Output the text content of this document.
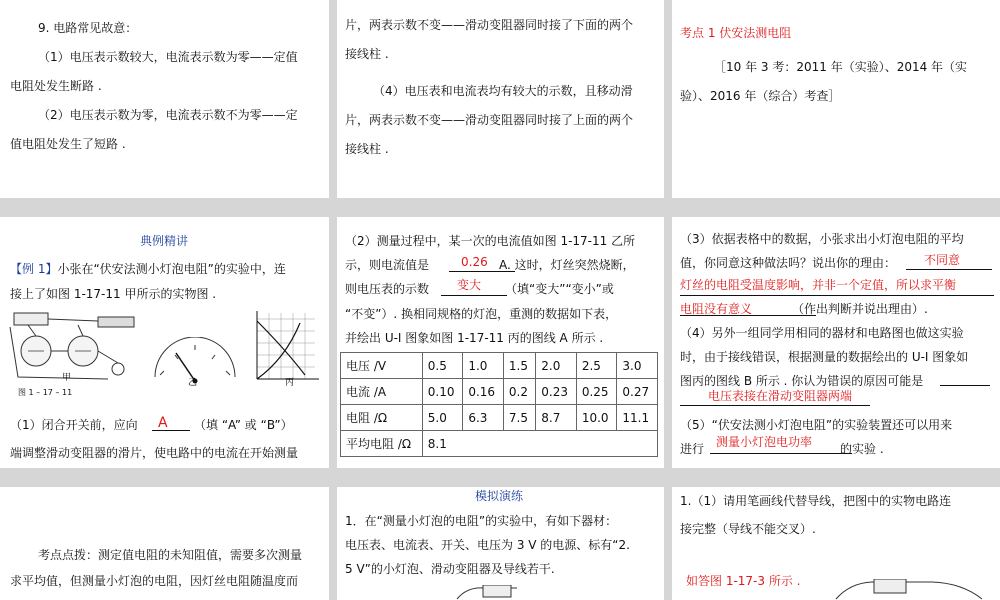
9. 电路常见故意：
（1）电压表示数较大，电流表示数为零——定值
电阻处发生断路 .
（2）电压表示数为零，电流表示数不为零——定
值电阻处发生了短路 .
片，两表示数不变——滑动变阻器同时接了下面的两个
接线柱 .
（4）电压表和电流表均有较大的示数，且移动滑
片，两表示数不变——滑动变阻器同时接了上面的两个
接线柱 .
考点 1 伏安法测电阻
［10 年 3 考：2011 年（实验）、2014 年（实
验）、2016 年（综合）考查］
典例精讲
【例 1】小张在“伏安法测小灯泡电阻”的实验中，连
接上了如图 1-17-11 甲所示的实物图 .
甲	乙	丙
图 1 – 17 – 11
（1）闭合开关前，应向 A （填 “A” 或 “B”）
端调整滑动变阻器的滑片，使电路中的电流在开始测量
（2）测量过程中，某一次的电流值如图 1-17-11 乙所
示，则电流值是	A. 这时，灯丝突然烧断，
0.26
则电压表的示数	（填“变大”“变小”或
变大
“不变”）. 换相同规格的灯泡，重测的数据如下表，
并绘出 U-I 图象如图 1-17-11 丙的图线 A 所示 .
电压 /V	0.5	1.0	1.5	2.0	2.5	3.0
电流 /A	0.10	0.16	0.2	0.23	0.25	0.27
电阻 /Ω	5.0	6.3	7.5	8.7	10.0	11.1
平均电阻 /Ω	8.1					
（3）依据表格中的数据，小张求出小灯泡电阻的平均
值，你同意这种做法吗？说出你的理由： 不同意
灯丝的电阻受温度影响，并非一个定值，所以求平衡
电阻没有意义	（作出判断并说出理由）.
（4）另外一组同学用相同的器材和电路图也做这实验
时，由于接线错误，根据测量的数据绘出的 U-I 图象如
图丙的图线 B 所示 . 你认为错误的原因可能是
电压表接在滑动变阻器两端
（5）“伏安法测小灯泡电阻”的实验装置还可以用来
进行	的实验 .
测量小灯泡电功率
考点点拨：测定值电阻的未知阻值，需要多次测量
求平均值，但测量小灯泡的电阻，因灯丝电阻随温度而
模拟演练
1．在“测量小灯泡的电阻”的实验中，有如下器材：
电压表、电流表、开关、电压为 3 V 的电源、标有“2.
5 V”的小灯泡、滑动变阻器及导线若干.
1.（1）请用笔画线代替导线，把图中的实物电路连
接完整（导线不能交叉）.
如答图 1-17-3 所示 .
